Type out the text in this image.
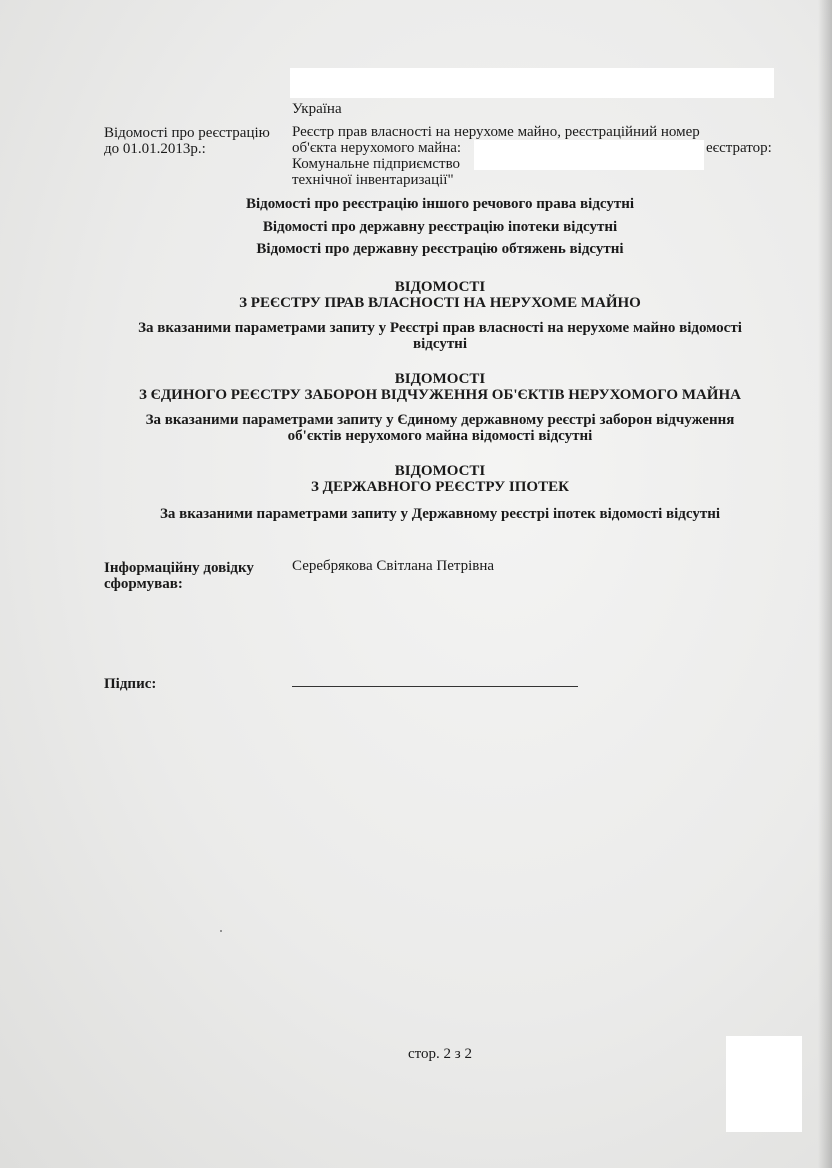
Україна
Відомості про реєстрацію
до 01.01.2013р.:
Реєстр прав власності на нерухоме майно, реєстраційний номер
об'єкта нерухомого майна:	еєстратор:
Комунальне підприємство
технічної інвентаризації"
Відомості про реєстрацію іншого речового права відсутні
Відомості про державну реєстрацію іпотеки відсутні
Відомості про державну реєстрацію обтяжень відсутні
ВІДОМОСТІ
З РЕЄСТРУ ПРАВ ВЛАСНОСТІ НА НЕРУХОМЕ МАЙНО
За вказаними параметрами запиту у Реєстрі прав власності на нерухоме майно відомості
відсутні
ВІДОМОСТІ
З ЄДИНОГО РЕЄСТРУ ЗАБОРОН ВІДЧУЖЕННЯ ОБ'ЄКТІВ НЕРУХОМОГО МАЙНА
За вказаними параметрами запиту у Єдиному державному реєстрі заборон відчуження
об'єктів нерухомого майна відомості відсутні
ВІДОМОСТІ
З ДЕРЖАВНОГО РЕЄСТРУ ІПОТЕК
За вказаними параметрами запиту у Державному реєстрі іпотек відомості відсутні
Інформаційну довідку
сформував:
Серебрякова Світлана Петрівна
Підпис:
стор. 2 з 2
